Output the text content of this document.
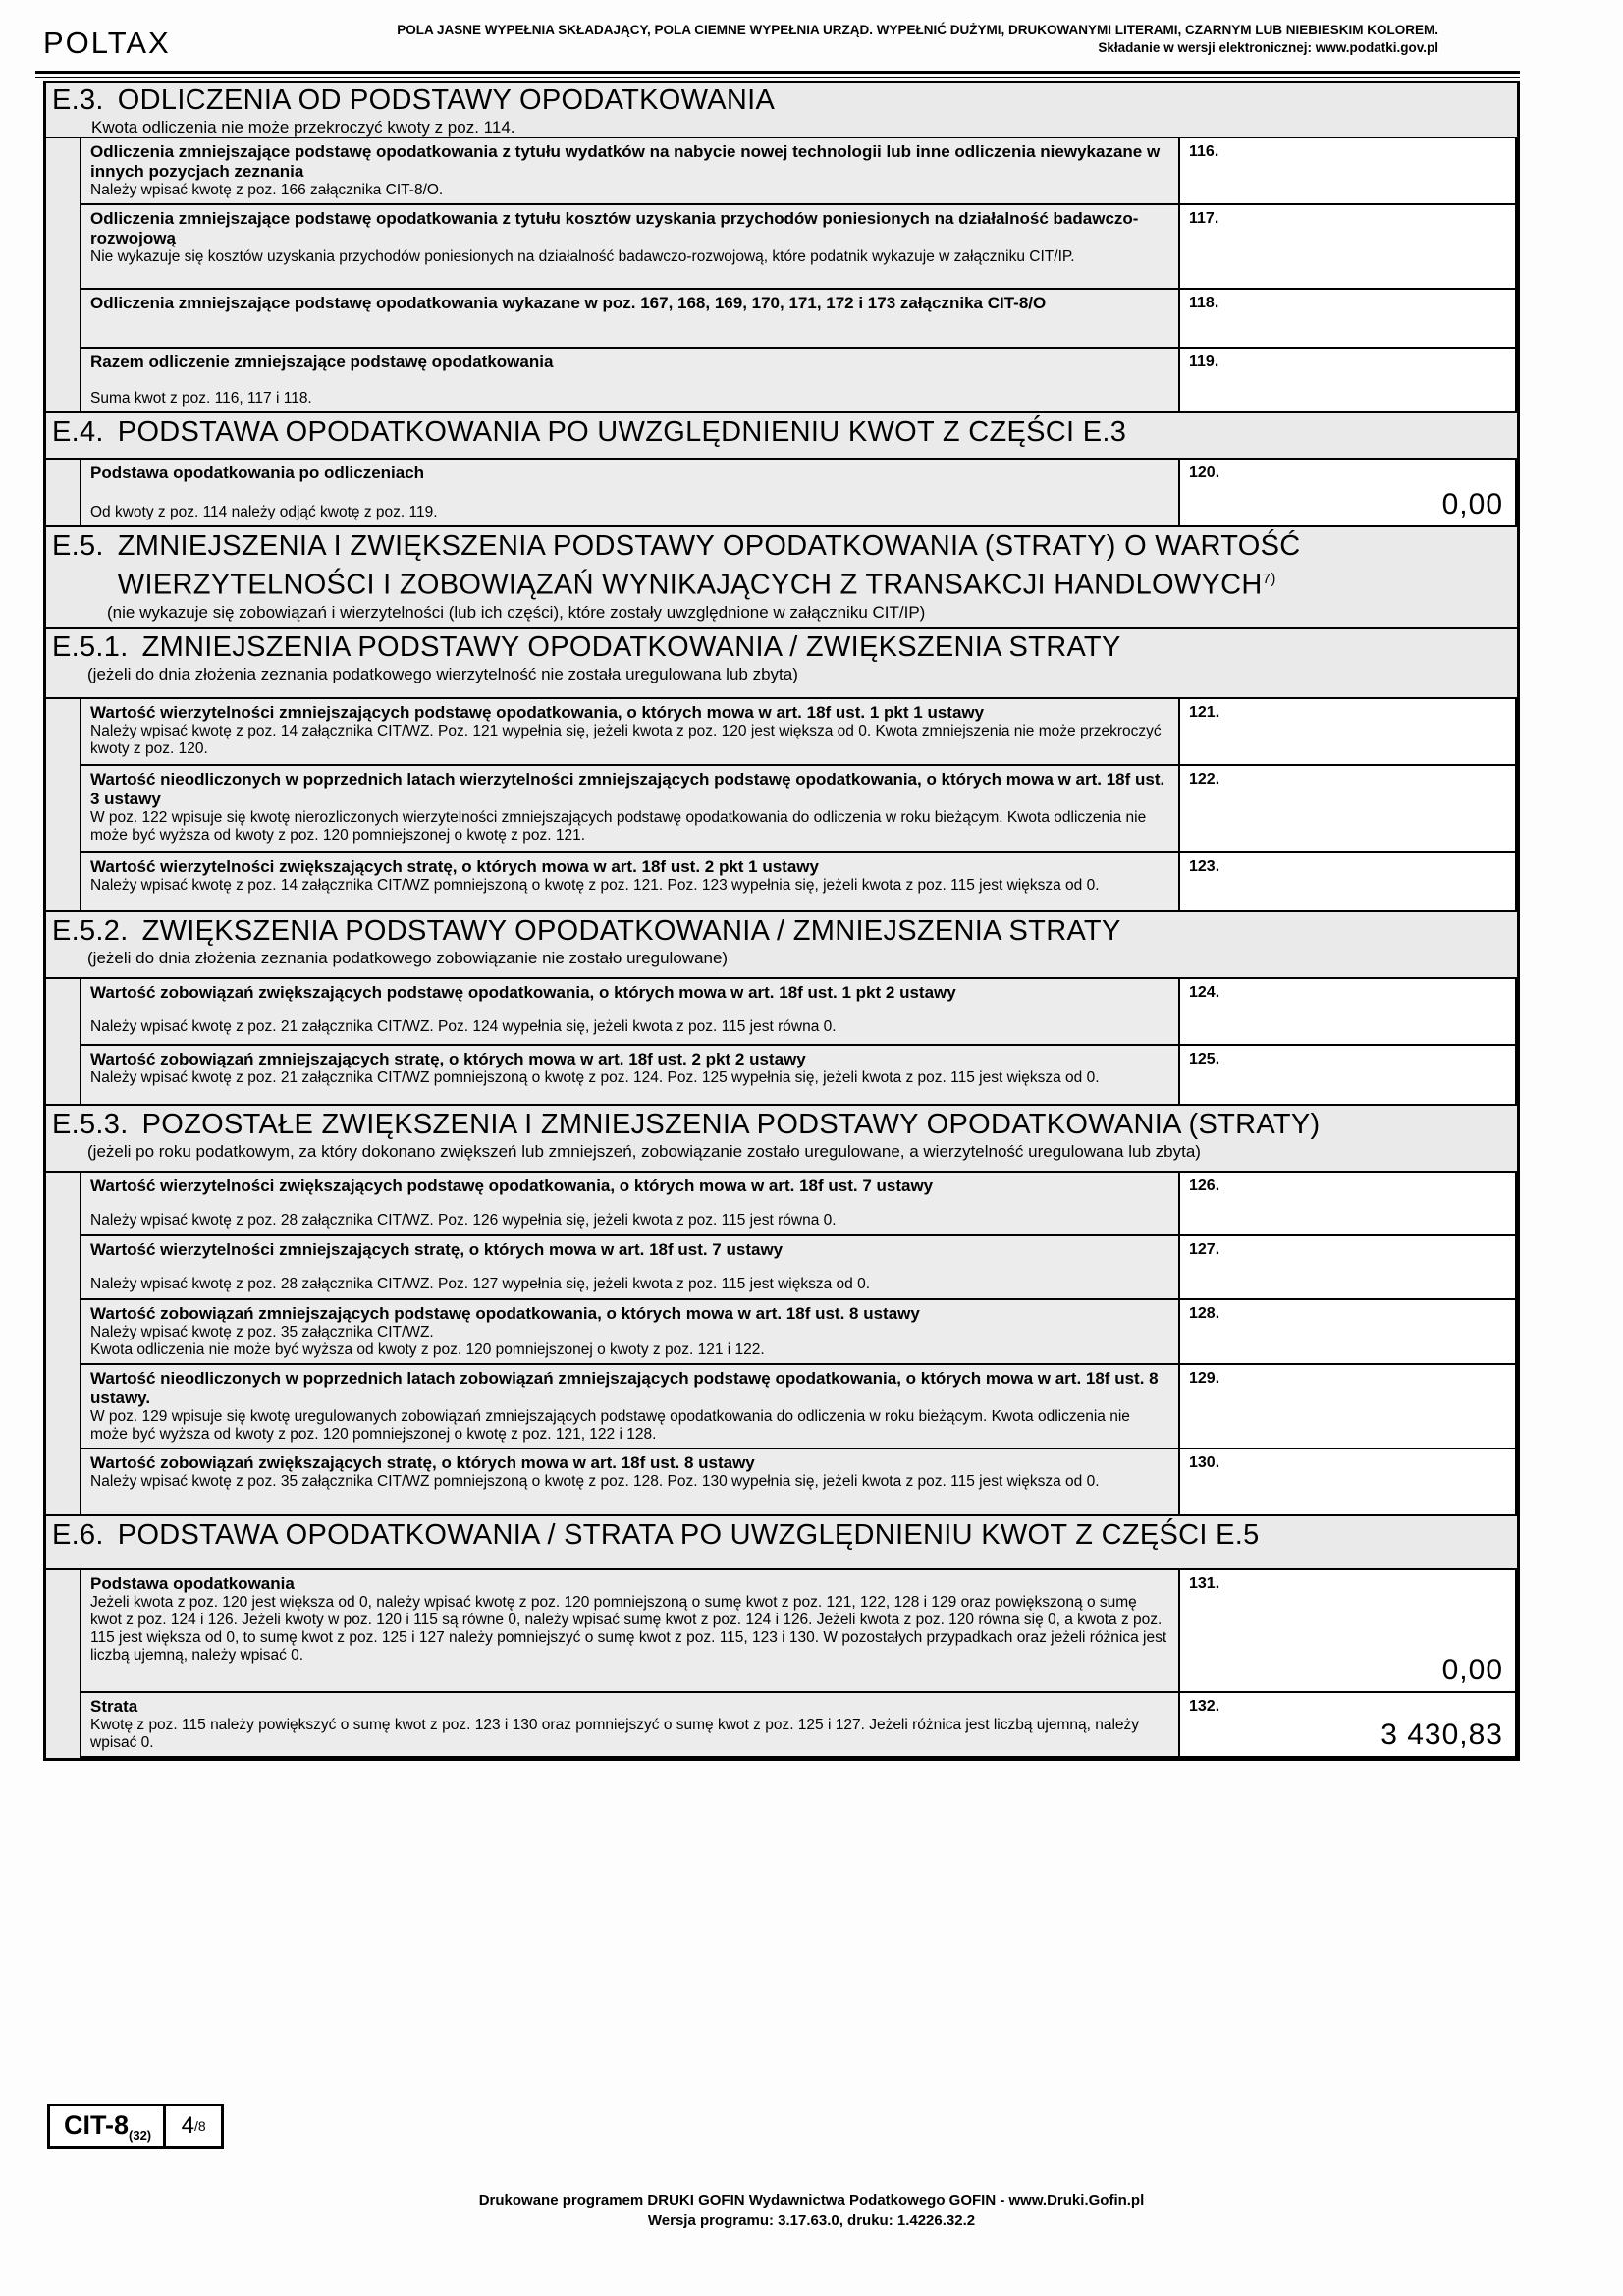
POLTAX	POLA JASNE WYPEŁNIA SKŁADAJĄCY, POLA CIEMNE WYPEŁNIA URZĄD. WYPEŁNIĆ DUŻYMI, DRUKOWANYMI LITERAMI, CZARNYM LUB NIEBIESKIM KOLOREM.
Składanie w wersji elektronicznej: www.podatki.gov.pl
E.3. ODLICZENIA OD PODSTAWY OPODATKOWANIA
Kwota odliczenia nie może przekroczyć kwoty z poz. 114.
Odliczenia zmniejszające podstawę opodatkowania z tytułu wydatków na nabycie nowej technologii lub inne odliczenia niewykazane w innych pozycjach zeznania
Należy wpisać kwotę z poz. 166 załącznika CIT-8/O.
116.
Odliczenia zmniejszające podstawę opodatkowania z tytułu kosztów uzyskania przychodów poniesionych na działalność badawczo-rozwojową
Nie wykazuje się kosztów uzyskania przychodów poniesionych na działalność badawczo-rozwojową, które podatnik wykazuje w załączniku CIT/IP.
117.
Odliczenia zmniejszające podstawę opodatkowania wykazane w poz. 167, 168, 169, 170, 171, 172 i 173 załącznika CIT-8/O	118.
Razem odliczenie zmniejszające podstawę opodatkowania
Suma kwot z poz. 116, 117 i 118.
119.
E.4. PODSTAWA OPODATKOWANIA PO UWZGLĘDNIENIU KWOT Z CZĘŚCI E.3
Podstawa opodatkowania po odliczeniach
Od kwoty z poz. 114 należy odjąć kwotę z poz. 119.
120.
0,00
E.5. ZMNIEJSZENIA I ZWIĘKSZENIA PODSTAWY OPODATKOWANIA (STRATY) O WARTOŚĆ WIERZYTELNOŚCI I ZOBOWIĄZAŃ WYNIKAJĄCYCH Z TRANSAKCJI HANDLOWYCH$^{7)}$
(nie wykazuje się zobowiązań i wierzytelności (lub ich części), które zostały uwzględnione w załączniku CIT/IP)
E.5.1. ZMNIEJSZENIA PODSTAWY OPODATKOWANIA / ZWIĘKSZENIA STRATY
(jeżeli do dnia złożenia zeznania podatkowego wierzytelność nie została uregulowana lub zbyta)
Wartość wierzytelności zmniejszających podstawę opodatkowania, o których mowa w art. 18f ust. 1 pkt 1 ustawy
Należy wpisać kwotę z poz. 14 załącznika CIT/WZ. Poz. 121 wypełnia się, jeżeli kwota z poz. 120 jest większa od 0. Kwota zmniejszenia nie może przekroczyć kwoty z poz. 120.
121.
Wartość nieodliczonych w poprzednich latach wierzytelności zmniejszających podstawę opodatkowania, o których mowa w art. 18f ust. 3 ustawy
W poz. 122 wpisuje się kwotę nierozliczonych wierzytelności zmniejszających podstawę opodatkowania do odliczenia w roku bieżącym. Kwota odliczenia nie może być wyższa od kwoty z poz. 120 pomniejszonej o kwotę z poz. 121.
122.
Wartość wierzytelności zwiększających stratę, o których mowa w art. 18f ust. 2 pkt 1 ustawy
Należy wpisać kwotę z poz. 14 załącznika CIT/WZ pomniejszoną o kwotę z poz. 121. Poz. 123 wypełnia się, jeżeli kwota z poz. 115 jest większa od 0.
123.
E.5.2. ZWIĘKSZENIA PODSTAWY OPODATKOWANIA / ZMNIEJSZENIA STRATY
(jeżeli do dnia złożenia zeznania podatkowego zobowiązanie nie zostało uregulowane)
Wartość zobowiązań zwiększających podstawę opodatkowania, o których mowa w art. 18f ust. 1 pkt 2 ustawy
Należy wpisać kwotę z poz. 21 załącznika CIT/WZ. Poz. 124 wypełnia się, jeżeli kwota z poz. 115 jest równa 0.
124.
Wartość zobowiązań zmniejszających stratę, o których mowa w art. 18f ust. 2 pkt 2 ustawy
Należy wpisać kwotę z poz. 21 załącznika CIT/WZ pomniejszoną o kwotę z poz. 124. Poz. 125 wypełnia się, jeżeli kwota z poz. 115 jest większa od 0.
125.
E.5.3. POZOSTAŁE ZWIĘKSZENIA I ZMNIEJSZENIA PODSTAWY OPODATKOWANIA (STRATY)
(jeżeli po roku podatkowym, za który dokonano zwiększeń lub zmniejszeń, zobowiązanie zostało uregulowane, a wierzytelność uregulowana lub zbyta)
Wartość wierzytelności zwiększających podstawę opodatkowania, o których mowa w art. 18f ust. 7 ustawy
Należy wpisać kwotę z poz. 28 załącznika CIT/WZ. Poz. 126 wypełnia się, jeżeli kwota z poz. 115 jest równa 0.
126.
Wartość wierzytelności zmniejszających stratę, o których mowa w art. 18f ust. 7 ustawy
Należy wpisać kwotę z poz. 28 załącznika CIT/WZ. Poz. 127 wypełnia się, jeżeli kwota z poz. 115 jest większa od 0.
127.
Wartość zobowiązań zmniejszających podstawę opodatkowania, o których mowa w art. 18f ust. 8 ustawy
Należy wpisać kwotę z poz. 35 załącznika CIT/WZ.
Kwota odliczenia nie może być wyższa od kwoty z poz. 120 pomniejszonej o kwoty z poz. 121 i 122.
128.
Wartość nieodliczonych w poprzednich latach zobowiązań zmniejszających podstawę opodatkowania, o których mowa w art. 18f ust. 8 ustawy.
W poz. 129 wpisuje się kwotę uregulowanych zobowiązań zmniejszających podstawę opodatkowania do odliczenia w roku bieżącym. Kwota odliczenia nie może być wyższa od kwoty z poz. 120 pomniejszonej o kwotę z poz. 121, 122 i 128.
129.
Wartość zobowiązań zwiększających stratę, o których mowa w art. 18f ust. 8 ustawy
Należy wpisać kwotę z poz. 35 załącznika CIT/WZ pomniejszoną o kwotę z poz. 128. Poz. 130 wypełnia się, jeżeli kwota z poz. 115 jest większa od 0.
130.
E.6. PODSTAWA OPODATKOWANIA / STRATA PO UWZGLĘDNIENIU KWOT Z CZĘŚCI E.5
Podstawa opodatkowania
Jeżeli kwota z poz. 120 jest większa od 0, należy wpisać kwotę z poz. 120 pomniejszoną o sumę kwot z poz. 121, 122, 128 i 129 oraz powiększoną o sumę kwot z poz. 124 i 126. Jeżeli kwoty w poz. 120 i 115 są równe 0, należy wpisać sumę kwot z poz. 124 i 126. Jeżeli kwota z poz. 120 równa się 0, a kwota z poz. 115 jest większa od 0, to sumę kwot z poz. 125 i 127 należy pomniejszyć o sumę kwot z poz. 115, 123 i 130. W pozostałych przypadkach oraz jeżeli różnica jest liczbą ujemną, należy wpisać 0.
131.
0,00
Strata
Kwotę z poz. 115 należy powiększyć o sumę kwot z poz. 123 i 130 oraz pomniejszyć o sumę kwot z poz. 125 i 127. Jeżeli różnica jest liczbą ujemną, należy wpisać 0.
132.
3 430,83
CIT-$8_{(32)}$	4 /8
Drukowane programem DRUKI GOFIN Wydawnictwa Podatkowego GOFIN - www.Druki.Gofin.pl
Wersja programu: 3.17.63.0, druku: 1.4226.32.2
